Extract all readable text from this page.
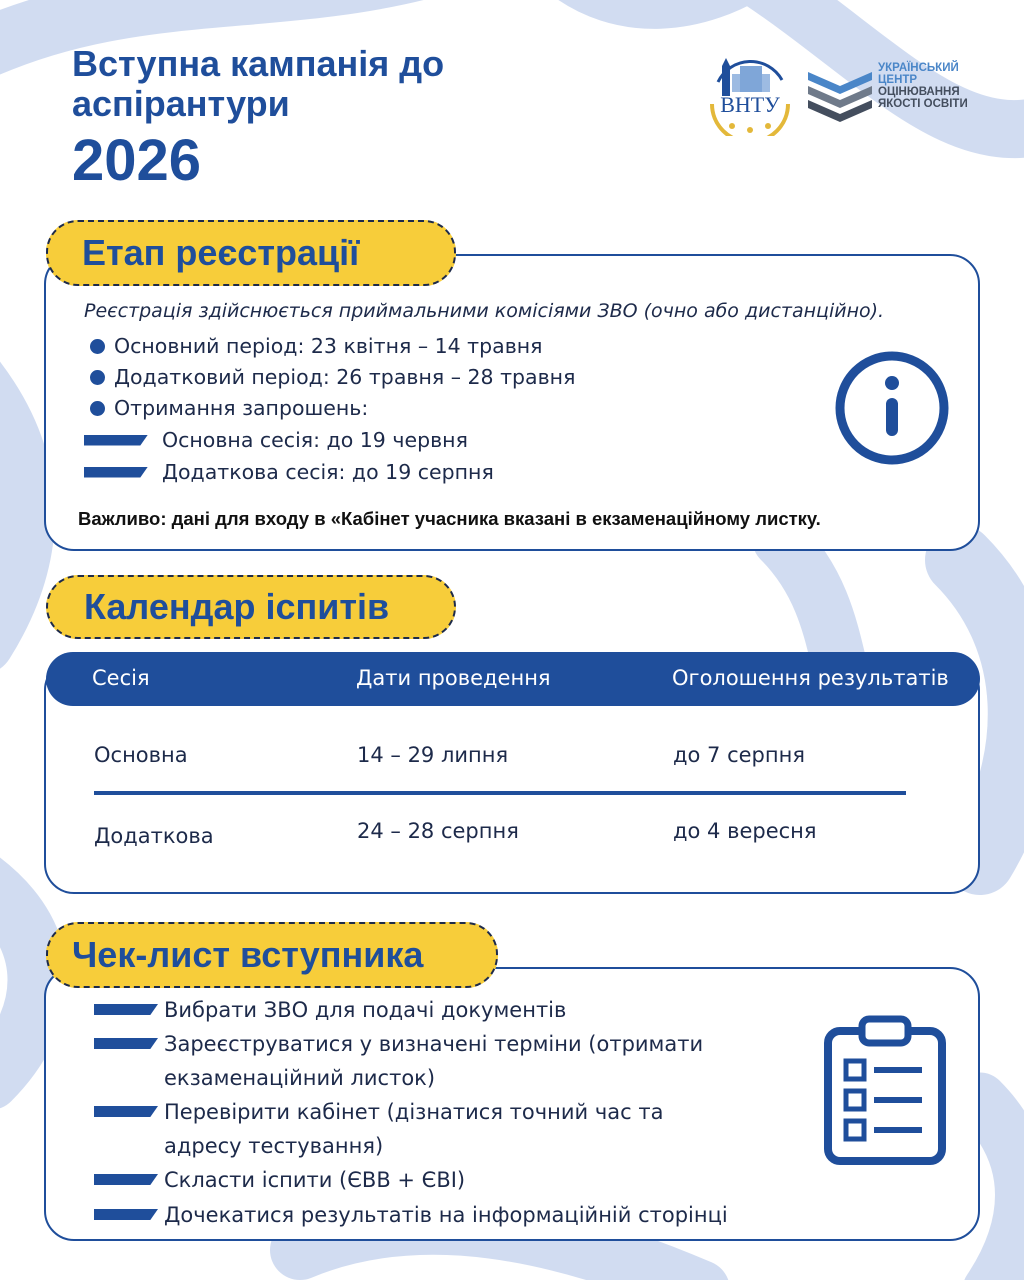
Вступна кампанія до
аспірантури
2026
ВНТУ
УКРАЇНСЬКИЙ
ЦЕНТР
ОЦІНЮВАННЯ
ЯКОСТІ ОСВІТИ
Етап реєстрації
Реєстрація здійснюється приймальними комісіями ЗВО (очно або дистанційно).
Основний період: 23 квітня – 14 травня
Додатковий період: 26 травня – 28 травня
Отримання запрошень:
Основна сесія: до 19 червня
Додаткова сесія: до 19 серпня
Важливо: дані для входу в «Кабінет учасника вказані в екзаменаційному листку.
Календар іспитів
Основна	14 – 29 липня	до 7 серпня
Додаткова	24 – 28 серпня	до 4 вересня
Сесія	Дати проведення	Оголошення результатів
Вибрати ЗВО для подачі документів
Зареєструватися у визначені терміни (отримати екзаменаційний листок)
Перевірити кабінет (дізнатися точний час та адресу тестування)
Скласти іспити (ЄВВ + ЄВІ)
Дочекатися результатів на інформаційній сторінці
Чек-лист вступника
